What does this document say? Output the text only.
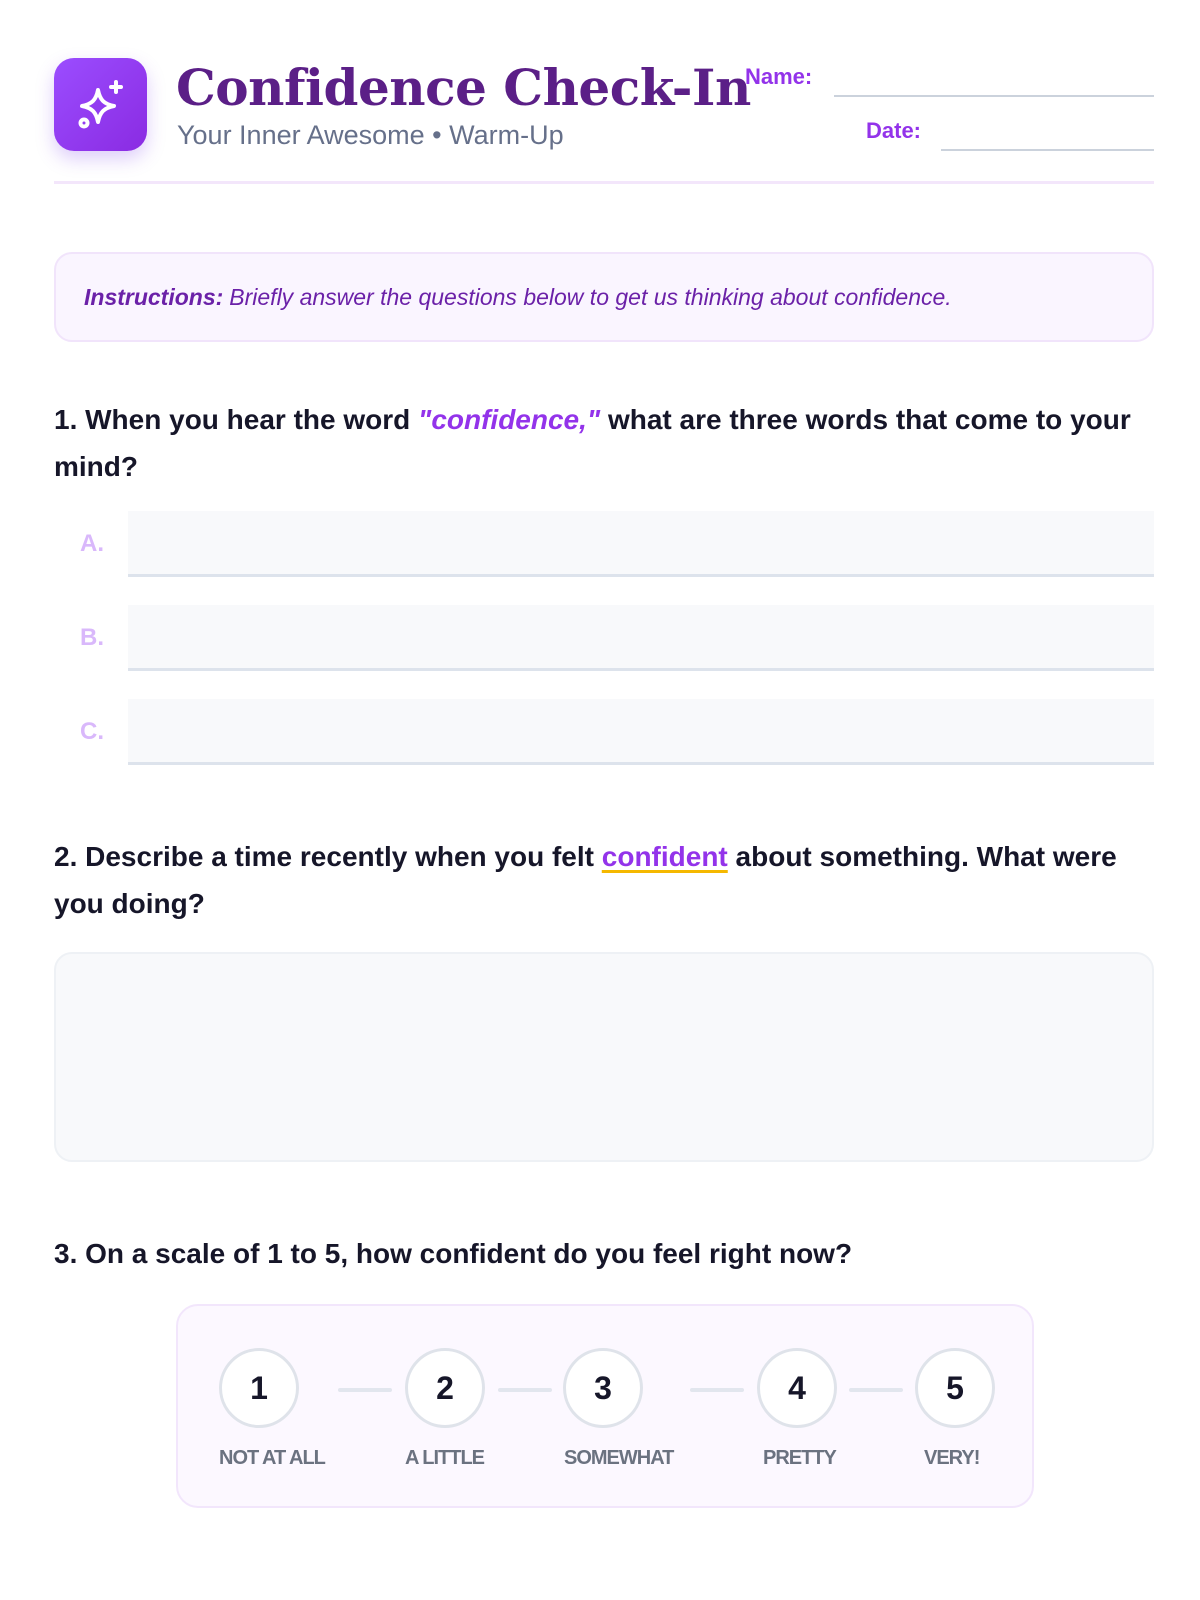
Confidence Check-In
Your Inner Awesome • Warm-Up
Name:
Date:
Instructions: Briefly answer the questions below to get us thinking about confidence.
1. When you hear the word "confidence," what are three words that come to your mind?
A.
B.
C.
2. Describe a time recently when you felt confident about something. What were you doing?
3. On a scale of 1 to 5, how confident do you feel right now?
1	2	3	4	5
NOT AT ALL	A LITTLE	SOMEWHAT	PRETTY	VERY!
